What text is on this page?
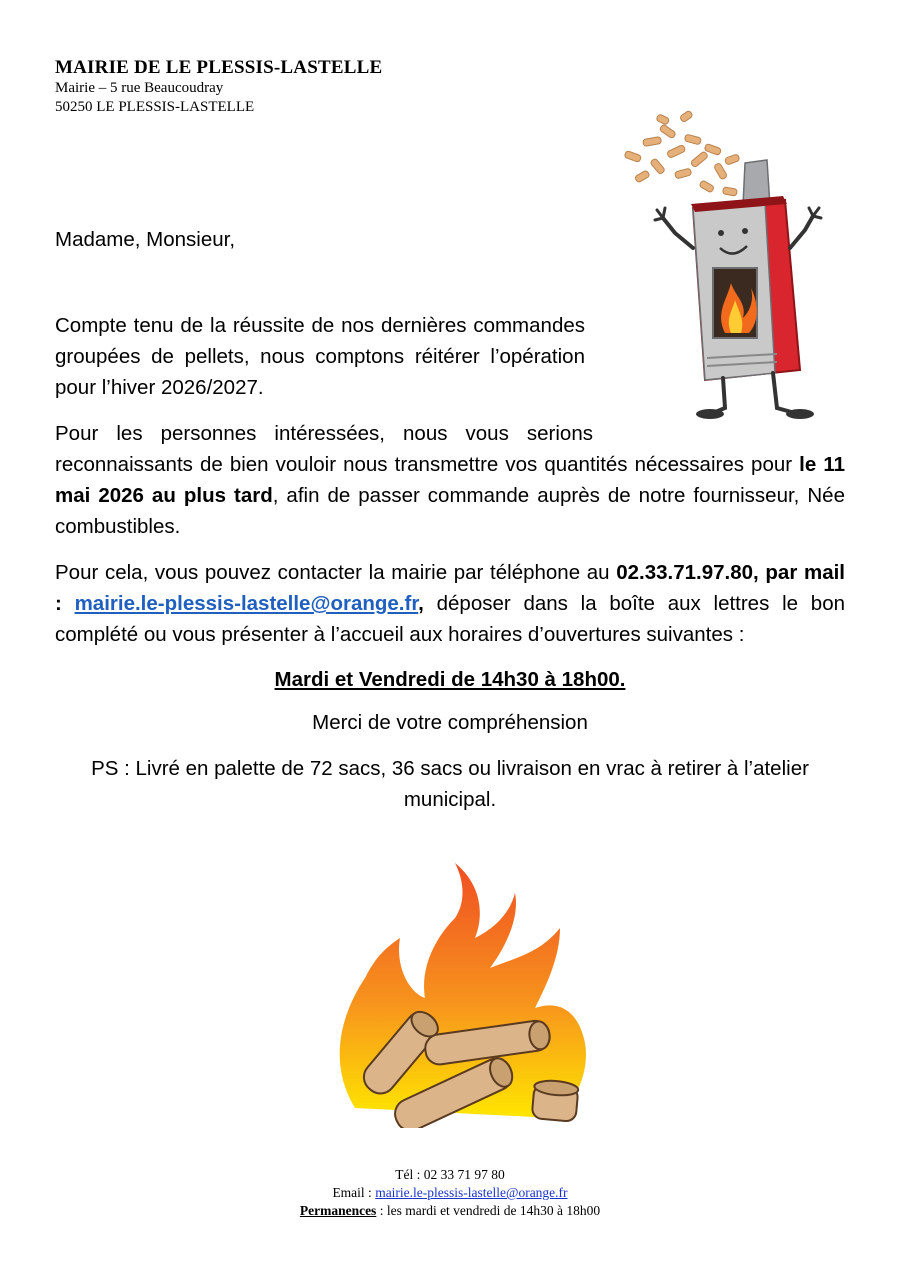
MAIRIE DE LE PLESSIS-LASTELLE
Mairie – 5 rue Beaucoudray
50250 LE PLESSIS-LASTELLE
Madame, Monsieur,
Compte tenu de la réussite de nos dernières commandes groupées de pellets, nous comptons réitérer l’opération pour l’hiver 2026/2027.
Pour les personnes intéressées, nous vous serions
reconnaissants de bien vouloir nous transmettre vos quantités nécessaires pour le 11 mai 2026 au plus tard, afin de passer commande auprès de notre fournisseur, Née combustibles.
Pour cela, vous pouvez contacter la mairie par téléphone au 02.33.71.97.80, par mail : mairie.le-plessis-lastelle@orange.fr, déposer dans la boîte aux lettres le bon complété ou vous présenter à l’accueil aux horaires d’ouvertures suivantes :
Mardi et Vendredi de 14h30 à 18h00.
Merci de votre compréhension
PS : Livré en palette de 72 sacs, 36 sacs ou livraison en vrac à retirer à l’atelier municipal.
Tél : 02 33 71 97 80
Email : mairie.le-plessis-lastelle@orange.fr
Permanences : les mardi et vendredi de 14h30 à 18h00
